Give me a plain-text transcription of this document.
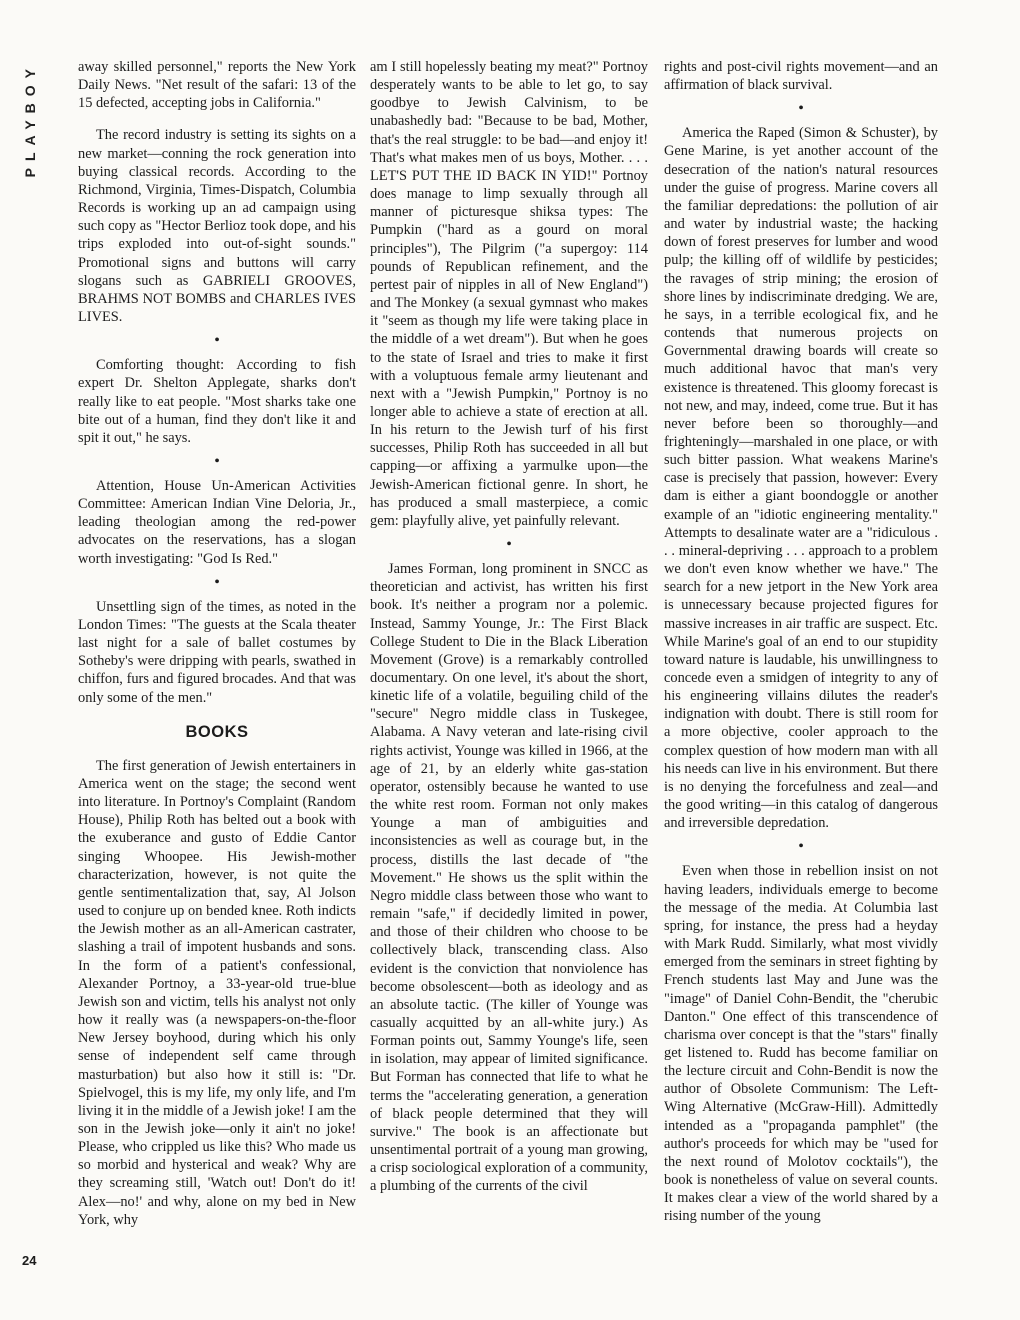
PLAYBOY
24

away skilled personnel," reports the New York Daily News. "Net result of the safari: 13 of the 15 defected, accepting jobs in California."

The record industry is setting its sights on a new market—conning the rock generation into buying classical records. According to the Richmond, Virginia, Times-Dispatch, Columbia Records is working up an ad campaign using such copy as "Hector Berlioz took dope, and his trips exploded into out-of-sight sounds." Promotional signs and buttons will carry slogans such as GABRIELI GROOVES, BRAHMS NOT BOMBS and CHARLES IVES LIVES.

•

Comforting thought: According to fish expert Dr. Shelton Applegate, sharks don't really like to eat people. "Most sharks take one bite out of a human, find they don't like it and spit it out," he says.

•

Attention, House Un-American Activities Committee: American Indian Vine Deloria, Jr., leading theologian among the red-power advocates on the reservations, has a slogan worth investigating: "God Is Red."

•

Unsettling sign of the times, as noted in the London Times: "The guests at the Scala theater last night for a sale of ballet costumes by Sotheby's were dripping with pearls, swathed in chiffon, furs and figured brocades. And that was only some of the men."

BOOKS

The first generation of Jewish entertainers in America went on the stage; the second went into literature. In Portnoy's Complaint (Random House), Philip Roth has belted out a book with the exuberance and gusto of Eddie Cantor singing Whoopee. His Jewish-mother characterization, however, is not quite the gentle sentimentalization that, say, Al Jolson used to conjure up on bended knee. Roth indicts the Jewish mother as an all-American castrater, slashing a trail of impotent husbands and sons. In the form of a patient's confessional, Alexander Portnoy, a 33-year-old true-blue Jewish son and victim, tells his analyst not only how it really was (a newspapers-on-the-floor New Jersey boyhood, during which his only sense of independent self came through masturbation) but also how it still is: "Dr. Spielvogel, this is my life, my only life, and I'm living it in the middle of a Jewish joke! I am the son in the Jewish joke—only it ain't no joke! Please, who crippled us like this? Who made us so morbid and hysterical and weak? Why are they screaming still, 'Watch out! Don't do it! Alex—no!' and why, alone on my bed in New York, why

am I still hopelessly beating my meat?" Portnoy desperately wants to be able to let go, to say goodbye to Jewish Calvinism, to be unabashedly bad: "Because to be bad, Mother, that's the real struggle: to be bad—and enjoy it! That's what makes men of us boys, Mother. . . . LET'S PUT THE ID BACK IN YID!" Portnoy does manage to limp sexually through all manner of picturesque shiksa types: The Pumpkin ("hard as a gourd on moral principles"), The Pilgrim ("a supergoy: 114 pounds of Republican refinement, and the pertest pair of nipples in all of New England") and The Monkey (a sexual gymnast who makes it "seem as though my life were taking place in the middle of a wet dream"). But when he goes to the state of Israel and tries to make it first with a voluptuous female army lieutenant and next with a "Jewish Pumpkin," Portnoy is no longer able to achieve a state of erection at all. In his return to the Jewish turf of his first successes, Philip Roth has succeeded in all but capping—or affixing a yarmulke upon—the Jewish-American fictional genre. In short, he has produced a small masterpiece, a comic gem: playfully alive, yet painfully relevant.

•

James Forman, long prominent in SNCC as theoretician and activist, has written his first book. It's neither a program nor a polemic. Instead, Sammy Younge, Jr.: The First Black College Student to Die in the Black Liberation Movement (Grove) is a remarkably controlled documentary. On one level, it's about the short, kinetic life of a volatile, beguiling child of the "secure" Negro middle class in Tuskegee, Alabama. A Navy veteran and late-rising civil rights activist, Younge was killed in 1966, at the age of 21, by an elderly white gas-station operator, ostensibly because he wanted to use the white rest room. Forman not only makes Younge a man of ambiguities and inconsistencies as well as courage but, in the process, distills the last decade of "the Movement." He shows us the split within the Negro middle class between those who want to remain "safe," if decidedly limited in power, and those of their children who choose to be collectively black, transcending class. Also evident is the conviction that nonviolence has become obsolescent—both as ideology and as an absolute tactic. (The killer of Younge was casually acquitted by an all-white jury.) As Forman points out, Sammy Younge's life, seen in isolation, may appear of limited significance. But Forman has connected that life to what he terms the "accelerating generation, a generation of black people determined that they will survive." The book is an affectionate but unsentimental portrait of a young man growing, a crisp sociological exploration of a community, a plumbing of the currents of the civil

rights and post-civil rights movement—and an affirmation of black survival.

•

America the Raped (Simon & Schuster), by Gene Marine, is yet another account of the desecration of the nation's natural resources under the guise of progress. Marine covers all the familiar depredations: the pollution of air and water by industrial waste; the hacking down of forest preserves for lumber and wood pulp; the killing off of wildlife by pesticides; the ravages of strip mining; the erosion of shore lines by indiscriminate dredging. We are, he says, in a terrible ecological fix, and he contends that numerous projects on Governmental drawing boards will create so much additional havoc that man's very existence is threatened. This gloomy forecast is not new, and may, indeed, come true. But it has never before been so thoroughly—and frighteningly—marshaled in one place, or with such bitter passion. What weakens Marine's case is precisely that passion, however: Every dam is either a giant boondoggle or another example of an "idiotic engineering mentality." Attempts to desalinate water are a "ridiculous . . . mineral-depriving . . . approach to a problem we don't even know whether we have." The search for a new jetport in the New York area is unnecessary because projected figures for massive increases in air traffic are suspect. Etc. While Marine's goal of an end to our stupidity toward nature is laudable, his unwillingness to concede even a smidgen of integrity to any of his engineering villains dilutes the reader's indignation with doubt. There is still room for a more objective, cooler approach to the complex question of how modern man with all his needs can live in his environment. But there is no denying the forcefulness and zeal—and the good writing—in this catalog of dangerous and irreversible depredation.

•

Even when those in rebellion insist on not having leaders, individuals emerge to become the message of the media. At Columbia last spring, for instance, the press had a heyday with Mark Rudd. Similarly, what most vividly emerged from the seminars in street fighting by French students last May and June was the "image" of Daniel Cohn-Bendit, the "cherubic Danton." One effect of this transcendence of charisma over concept is that the "stars" finally get listened to. Rudd has become familiar on the lecture circuit and Cohn-Bendit is now the author of Obsolete Communism: The Left-Wing Alternative (McGraw-Hill). Admittedly intended as a "propaganda pamphlet" (the author's proceeds for which may be "used for the next round of Molotov cocktails"), the book is nonetheless of value on several counts. It makes clear a view of the world shared by a rising number of the young
